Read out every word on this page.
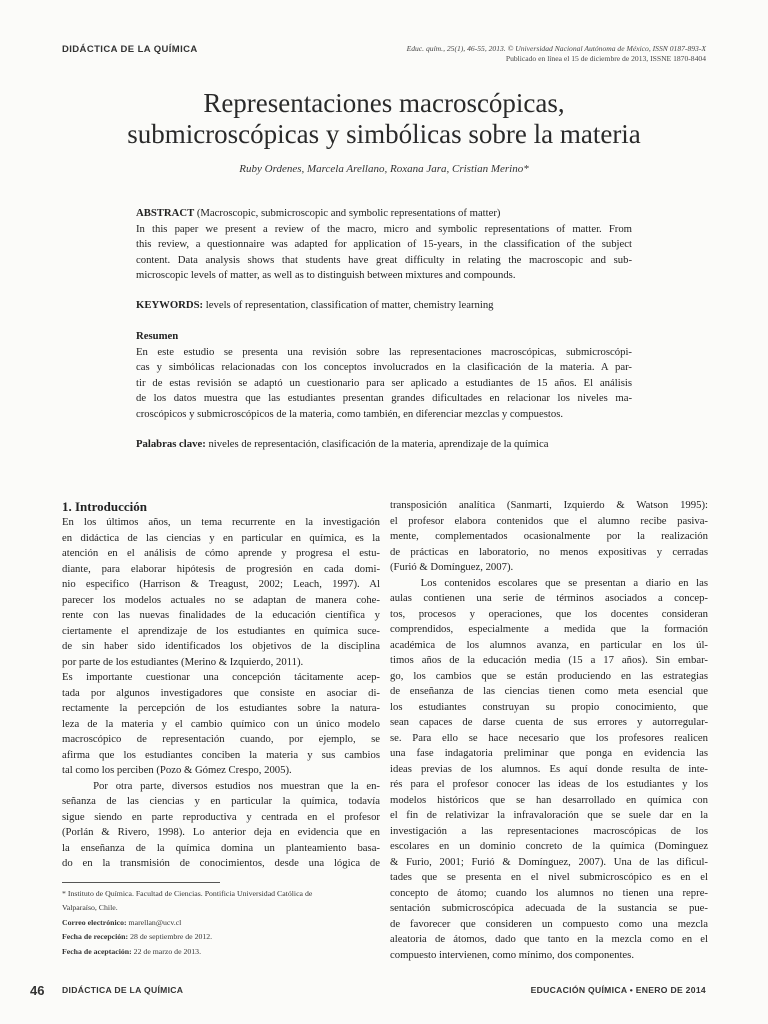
DIDÁCTICA DE LA QUÍMICA	Educ. quím., 25(1), 46-55, 2013. © Universidad Nacional Autónoma de México, ISSN 0187-893-X
Publicado en línea el 15 de diciembre de 2013, ISSNE 1870-8404
Representaciones macroscópicas,
submicroscópicas y simbólicas sobre la materia
Ruby Ordenes, Marcela Arellano, Roxana Jara, Cristian Merino*
ABSTRACT (Macroscopic, submicroscopic and symbolic representations of matter)
In this paper we present a review of the macro, micro and symbolic representations of matter. From
this review, a questionnaire was adapted for application of 15-years, in the classification of the subject
content. Data analysis shows that students have great difficulty in relating the macroscopic and sub-
microscopic levels of matter, as well as to distinguish between mixtures and compounds.
KEYWORDS: levels of representation, classification of matter, chemistry learning
Resumen
En este estudio se presenta una revisión sobre las representaciones macroscópicas, submicroscópi-
cas y simbólicas relacionadas con los conceptos involucrados en la clasificación de la materia. A par-
tir de estas revisión se adaptó un cuestionario para ser aplicado a estudiantes de 15 años. El análisis
de los datos muestra que las estudiantes presentan grandes dificultades en relacionar los niveles ma-
croscópicos y submicroscópicos de la materia, como también, en diferenciar mezclas y compuestos.
Palabras clave: niveles de representación, clasificación de la materia, aprendizaje de la química
1. Introducción
En los últimos años, un tema recurrente en la investigación
en didáctica de las ciencias y en particular en química, es la
atención en el análisis de cómo aprende y progresa el estu-
diante, para elaborar hipótesis de progresión en cada domi-
nio especifico (Harrison & Treagust, 2002; Leach, 1997). Al
parecer los modelos actuales no se adaptan de manera cohe-
rente con las nuevas finalidades de la educación científica y
ciertamente el aprendizaje de los estudiantes en química suce-
de sin haber sido identificados los objetivos de la disciplina
por parte de los estudiantes (Merino & Izquierdo, 2011).
Es importante cuestionar una concepción tácitamente acep-
tada por algunos investigadores que consiste en asociar di-
rectamente la percepción de los estudiantes sobre la natura-
leza de la materia y el cambio químico con un único modelo
macroscópico de representación cuando, por ejemplo, se
afirma que los estudiantes conciben la materia y sus cambios
tal como los perciben (Pozo & Gómez Crespo, 2005).
Por otra parte, diversos estudios nos muestran que la en-
señanza de las ciencias y en particular la química, todavía
sigue siendo en parte reproductiva y centrada en el profesor
(Porlán & Rivero, 1998). Lo anterior deja en evidencia que en
la enseñanza de la química domina un planteamiento basa-
do en la transmisión de conocimientos, desde una lógica de
transposición analítica (Sanmarti, Izquierdo & Watson 1995):
el profesor elabora contenidos que el alumno recibe pasiva-
mente, complementados ocasionalmente por la realización
de prácticas en laboratorio, no menos expositivas y cerradas
(Furió & Domínguez, 2007).
Los contenidos escolares que se presentan a diario en las
aulas contienen una serie de términos asociados a concep-
tos, procesos y operaciones, que los docentes consideran
comprendidos, especialmente a medida que la formación
académica de los alumnos avanza, en particular en los úl-
timos años de la educación media (15 a 17 años). Sin embar-
go, los cambios que se están produciendo en las estrategias
de enseñanza de las ciencias tienen como meta esencial que
los estudiantes construyan su propio conocimiento, que
sean capaces de darse cuenta de sus errores y autorregular-
se. Para ello se hace necesario que los profesores realicen
una fase indagatoria preliminar que ponga en evidencia las
ideas previas de los alumnos. Es aquí donde resulta de inte-
rés para el profesor conocer las ideas de los estudiantes y los
modelos históricos que se han desarrollado en química con
el fin de relativizar la infravaloración que se suele dar en la
investigación a las representaciones macroscópicas de los
escolares en un dominio concreto de la química (Dominguez
& Furio, 2001; Furió & Domínguez, 2007). Una de las dificul-
tades que se presenta en el nivel submicroscópico es en el
concepto de átomo; cuando los alumnos no tienen una repre-
sentación submicroscópica adecuada de la sustancia se pue-
de favorecer que consideren un compuesto como una mezcla
aleatoria de átomos, dado que tanto en la mezcla como en el
compuesto intervienen, como mínimo, dos componentes.
* Instituto de Química. Facultad de Ciencias. Pontificia Universidad Católica de
Valparaíso, Chile.
Correo electrónico: marellan@ucv.cl
Fecha de recepción: 28 de septiembre de 2012.
Fecha de aceptación: 22 de marzo de 2013.
46 DIDÁCTICA DE LA QUÍMICA	EDUCACIÓN QUÍMICA • ENERO DE 2014
